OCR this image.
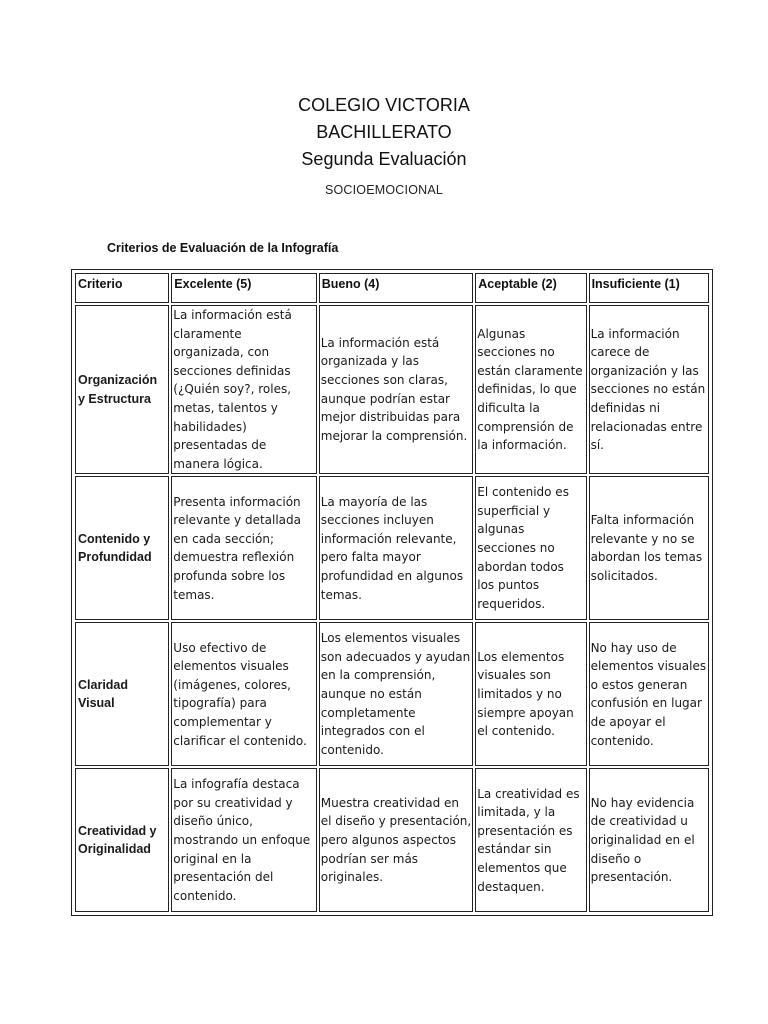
COLEGIO VICTORIA
BACHILLERATO
Segunda Evaluación
SOCIOEMOCIONAL
Criterios de Evaluación de la Infografía
Criterio	Excelente (5)	Bueno (4)	Aceptable (2)	Insuficiente (1)
Organización y Estructura	La información está claramente organizada, con secciones definidas (¿Quién soy?, roles, metas, talentos y habilidades) presentadas de manera lógica.	La información está organizada y las secciones son claras, aunque podrían estar mejor distribuidas para mejorar la comprensión.	Algunas secciones no están claramente definidas, lo que dificulta la comprensión de la información.	La información carece de organización y las secciones no están definidas ni relacionadas entre sí.
Contenido y Profundidad	Presenta información relevante y detallada en cada sección; demuestra reflexión profunda sobre los temas.	La mayoría de las secciones incluyen información relevante, pero falta mayor profundidad en algunos temas.	El contenido es superficial y algunas secciones no abordan todos los puntos requeridos.	Falta información relevante y no se abordan los temas solicitados.
Claridad Visual	Uso efectivo de elementos visuales (imágenes, colores, tipografía) para complementar y clarificar el contenido.	Los elementos visuales son adecuados y ayudan en la comprensión, aunque no están completamente integrados con el contenido.	Los elementos visuales son limitados y no siempre apoyan el contenido.	No hay uso de elementos visuales o estos generan confusión en lugar de apoyar el contenido.
Creatividad y Originalidad	La infografía destaca por su creatividad y diseño único, mostrando un enfoque original en la presentación del contenido.	Muestra creatividad en el diseño y presentación, pero algunos aspectos podrían ser más originales.	La creatividad es limitada, y la presentación es estándar sin elementos que destaquen.	No hay evidencia de creatividad u originalidad en el diseño o presentación.
